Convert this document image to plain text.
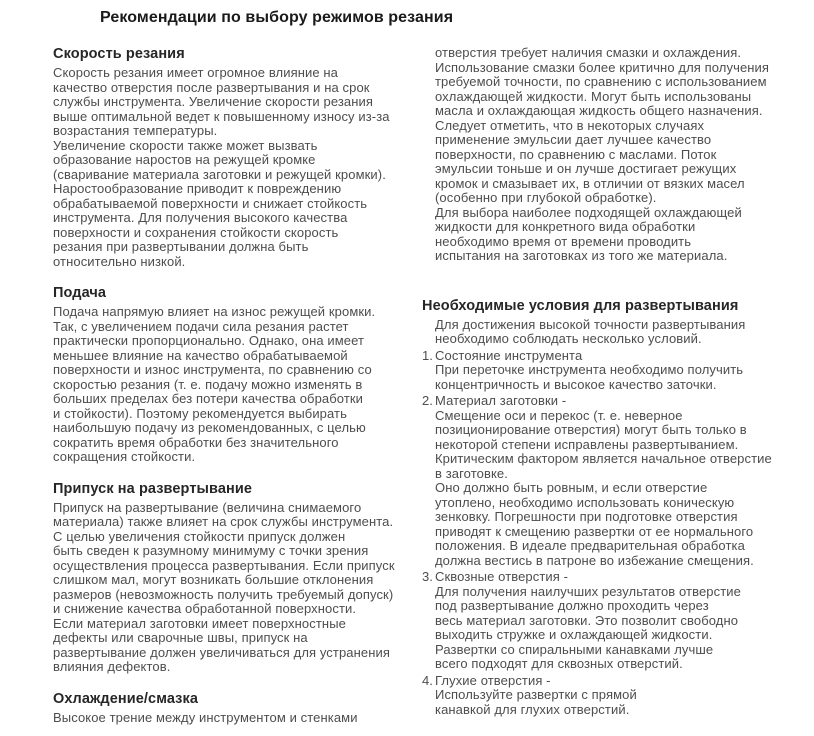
Рекомендации по выбору режимов резания
Скорость резания

Скорость резания имеет огромное влияние на
качество отверстия после развертывания и на срок
службы инструмента. Увеличение скорости резания
выше оптимальной ведет к повышенному износу из-за
возрастания температуры.
Увеличение скорости также может вызвать
образование наростов на режущей кромке
(сваривание материала заготовки и режущей кромки).
Наростообразование приводит к повреждению
обрабатываемой поверхности и снижает стойкость
инструмента. Для получения высокого качества
поверхности и сохранения стойкости скорость
резания при развертывании должна быть
относительно низкой.

Подача

Подача напрямую влияет на износ режущей кромки.
Так, с увеличением подачи сила резания растет
практически пропорционально. Однако, она имеет
меньшее влияние на качество обрабатываемой
поверхности и износ инструмента, по сравнению со
скоростью резания (т. е. подачу можно изменять в
больших пределах без потери качества обработки
и стойкости). Поэтому рекомендуется выбирать
наибольшую подачу из рекомендованных, с целью
сократить время обработки без значительного
сокращения стойкости.

Припуск на развертывание

Припуск на развертывание (величина снимаемого
материала) также влияет на срок службы инструмента.
С целью увеличения стойкости припуск должен
быть сведен к разумному минимуму с точки зрения
осуществления процесса развертывания. Если припуск
слишком мал, могут возникать большие отклонения
размеров (невозможность получить требуемый допуск)
и снижение качества обработанной поверхности.
Если материал заготовки имеет поверхностные
дефекты или сварочные швы, припуск на
развертывание должен увеличиваться для устранения
влияния дефектов.

Охлаждение/смазка

Высокое трение между инструментом и стенками

отверстия требует наличия смазки и охлаждения.
Использование смазки более критично для получения
требуемой точности, по сравнению с использованием
охлаждающей жидкости. Могут быть использованы
масла и охлаждающая жидкость общего назначения.
Следует отметить, что в некоторых случаях
применение эмульсии дает лучшее качество
поверхности, по сравнению с маслами. Поток
эмульсии тоньше и он лучше достигает режущих
кромок и смазывает их, в отличии от вязких масел
(особенно при глубокой обработке).
Для выбора наиболее подходящей охлаждающей
жидкости для конкретного вида обработки
необходимо время от времени проводить
испытания на заготовках из того же материала.

Необходимые условия для развертывания

Для достижения высокой точности развертывания
необходимо соблюдать несколько условий.

1. Состояние инструмента
При переточке инструмента необходимо получить
концентричность и высокое качество заточки.
2. Материал заготовки -
Смещение оси и перекос (т. е. неверное
позиционирование отверстия) могут быть только в
некоторой степени исправлены развертыванием.
Критическим фактором является начальное отверстие
в заготовке.
Оно должно быть ровным, и если отверстие
утоплено, необходимо использовать коническую
зенковку. Погрешности при подготовке отверстия
приводят к смещению развертки от ее нормального
положения. В идеале предварительная обработка
должна вестись в патроне во избежание смещения.
3. Сквозные отверстия -
Для получения наилучших результатов отверстие
под развертывание должно проходить через
весь материал заготовки. Это позволит свободно
выходить стружке и охлаждающей жидкости.
Развертки со спиральными канавками лучше
всего подходят для сквозных отверстий.
4. Глухие отверстия -
Используйте развертки с прямой
канавкой для глухих отверстий.
